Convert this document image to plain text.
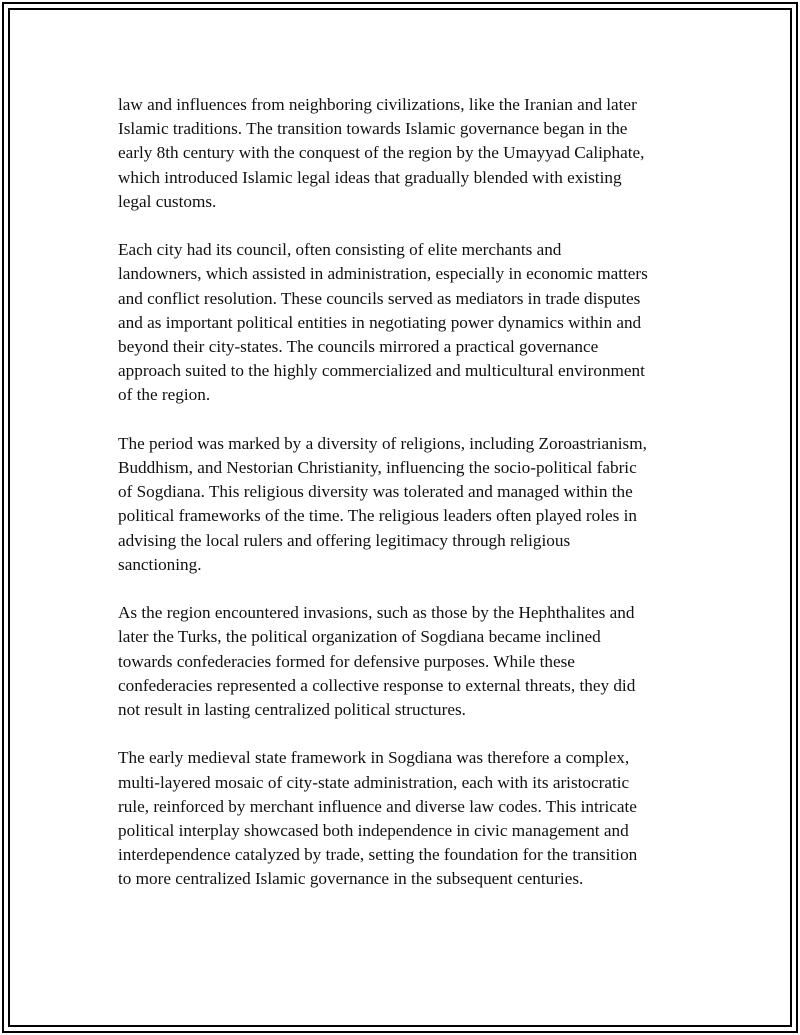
law and influences from neighboring civilizations, like the Iranian and later
Islamic traditions. The transition towards Islamic governance began in the
early 8th century with the conquest of the region by the Umayyad Caliphate,
which introduced Islamic legal ideas that gradually blended with existing
legal customs.

Each city had its council, often consisting of elite merchants and
landowners, which assisted in administration, especially in economic matters
and conflict resolution. These councils served as mediators in trade disputes
and as important political entities in negotiating power dynamics within and
beyond their city-states. The councils mirrored a practical governance
approach suited to the highly commercialized and multicultural environment
of the region.

The period was marked by a diversity of religions, including Zoroastrianism,
Buddhism, and Nestorian Christianity, influencing the socio-political fabric
of Sogdiana. This religious diversity was tolerated and managed within the
political frameworks of the time. The religious leaders often played roles in
advising the local rulers and offering legitimacy through religious
sanctioning.

As the region encountered invasions, such as those by the Hephthalites and
later the Turks, the political organization of Sogdiana became inclined
towards confederacies formed for defensive purposes. While these
confederacies represented a collective response to external threats, they did
not result in lasting centralized political structures.

The early medieval state framework in Sogdiana was therefore a complex,
multi-layered mosaic of city-state administration, each with its aristocratic
rule, reinforced by merchant influence and diverse law codes. This intricate
political interplay showcased both independence in civic management and
interdependence catalyzed by trade, setting the foundation for the transition
to more centralized Islamic governance in the subsequent centuries.
